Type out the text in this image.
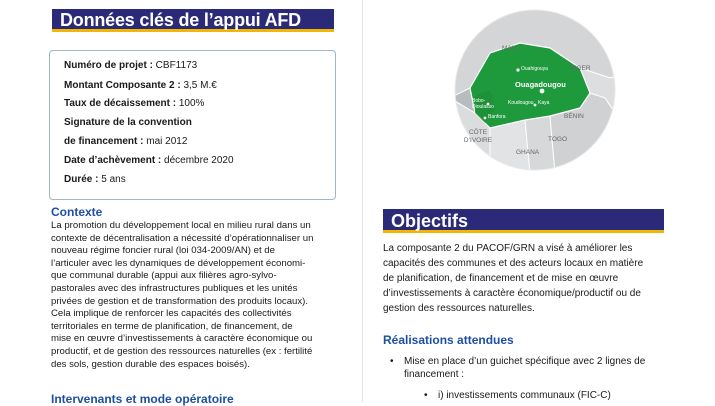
Données clés de l’appui AFD
Numéro de projet : CBF1173
Montant Composante 2 : 3,5 M.€
Taux de décaissement : 100%
Signature de la convention
de financement : mai 2012
Date d’achèvement : décembre 2020
Durée : 5 ans
Contexte
La promotion du développement local en milieu rural dans un
contexte de décentralisation a nécessité d’opérationnaliser un
nouveau régime foncier rural (loi 034-2009/AN) et de
l’articuler avec les dynamiques de développement économi-
que communal durable (appui aux filières agro-sylvo-
pastorales avec des infrastructures publiques et les unités
privées de gestion et de transformation des produits locaux).
Cela implique de renforcer les capacités des collectivités
territoriales en terme de planification, de financement, de
mise en œuvre d’investissements à caractère économique ou
productif, et de gestion des ressources naturelles (ex : fertilité
des sols, gestion durable des espaces boisés).
Intervenants et mode opératoire
MALI
NIGER
BÉNIN
TOGO
GHANA
CÔTE D’IVOIRE
Ouagadougou
Ouahigouya
Kaya
Koudougou
Bobo-Dioulasso
Banfora
Objectifs
La composante 2 du PACOF/GRN a visé à améliorer les
capacités des communes et des acteurs locaux en matière
de planification, de financement et de mise en œuvre
d’investissements à caractère économique/productif ou de
gestion des ressources naturelles.
Réalisations attendues
• Mise en place d’un guichet spécifique avec 2 lignes de
financement :
• i) investissements communaux (FIC-C)
